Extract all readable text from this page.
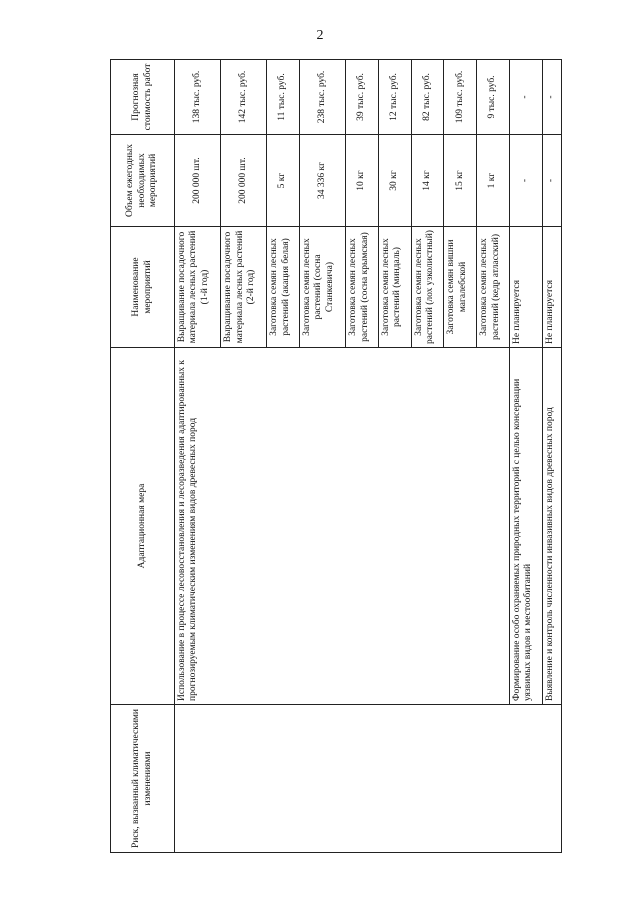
2
Риск, вызванный климатическими изменениями	Адаптационная мера	Наименование мероприятий	Объем ежегодных необходимых мероприятий	Прогнозная стоимость работ
	Использование в процессе лесовосстановления и лесоразведения адаптированных к прогнозируемым климатическим изменениям видов древесных пород	Выращивание посадочного материала лесных растений (1-й год)	200 000 шт.	138 тыс. руб.
		Выращивание посадочного материала лесных растений (2-й год)	200 000 шт.	142 тыс. руб.
		Заготовка семян лесных растений (акация белая)	5 кг	11 тыс. руб.
		Заготовка семян лесных растений (сосна Станкевича)	34 336 кг	238 тыс. руб.
		Заготовка семян лесных растений (сосна крымская)	10 кг	39 тыс. руб.
		Заготовка семян лесных растений (миндаль)	30 кг	12 тыс. руб.
		Заготовка семян лесных растений (лох узколистный)	14 кг	82 тыс. руб.
		Заготовка семян вишни магалебской	15 кг	109 тыс. руб.
		Заготовка семян лесных растений (кедр атласский)	1 кг	9 тыс. руб.
	Формирование особо охраняемых природных территорий с целью консервации уязвимых видов и местообитаний	Не планируется	-	-
	Выявление и контроль численности инвазивных видов древесных пород	Не планируется	-	-
